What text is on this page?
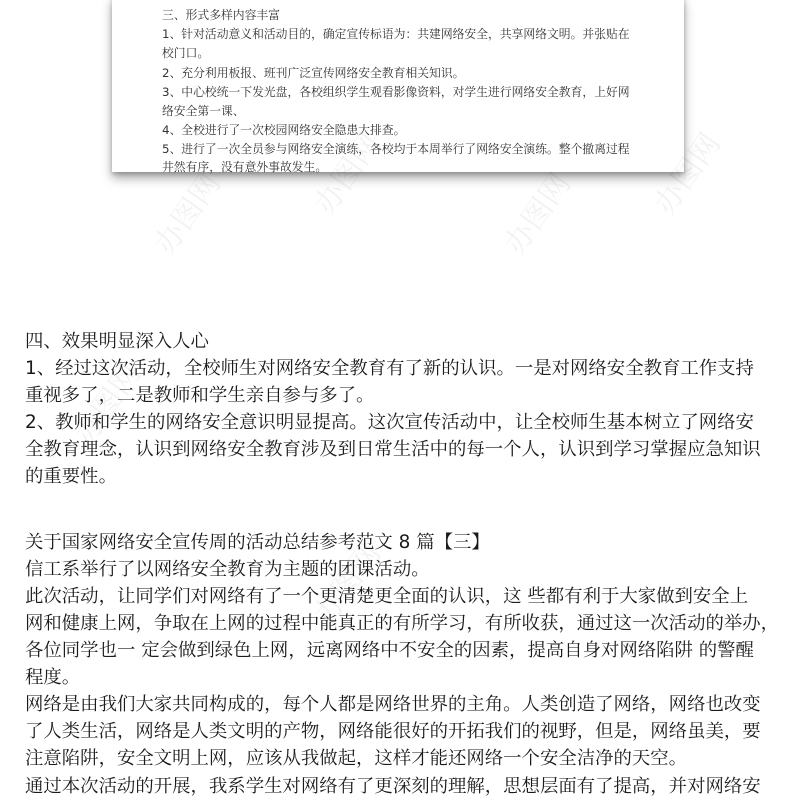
三、形式多样内容丰富
1、针对活动意义和活动目的，确定宣传标语为：共建网络安全，共享网络文明。并张贴在
校门口。
2、充分利用板报、班刊广泛宣传网络安全教育相关知识。
3、中心校统一下发光盘，各校组织学生观看影像资料，对学生进行网络安全教育，上好网
络安全第一课、
4、全校进行了一次校园网络安全隐患大排查。
5、进行了一次全员参与网络安全演练，各校均于本周举行了网络安全演练。整个撤离过程
井然有序，没有意外事故发生。
四、效果明显深入人心
1、经过这次活动，全校师生对网络安全教育有了新的认识。一是对网络安全教育工作支持
重视多了，二是教师和学生亲自参与多了。
2、教师和学生的网络安全意识明显提高。这次宣传活动中，让全校师生基本树立了网络安
全教育理念，认识到网络安全教育涉及到日常生活中的每一个人，认识到学习掌握应急知识
的重要性。
关于国家网络安全宣传周的活动总结参考范文 8 篇【三】
信工系举行了以网络安全教育为主题的团课活动。
此次活动，让同学们对网络有了一个更清楚更全面的认识，这 些都有利于大家做到安全上
网和健康上网，争取在上网的过程中能真正的有所学习，有所收获，通过这一次活动的举办，
各位同学也一 定会做到绿色上网，远离网络中不安全的因素，提高自身对网络陷阱 的警醒
程度。
网络是由我们大家共同构成的，每个人都是网络世界的主角。人类创造了网络，网络也改变
了人类生活，网络是人类文明的产物，网络能很好的开拓我们的视野，但是，网络虽美，要
注意陷阱，安全文明上网，应该从我做起，这样才能还网络一个安全洁净的天空。
通过本次活动的开展，我系学生对网络有了更深刻的理解，思想层面有了提高，并对网络安
办图网	办图网	办图网 办图网
办图网
办图网
